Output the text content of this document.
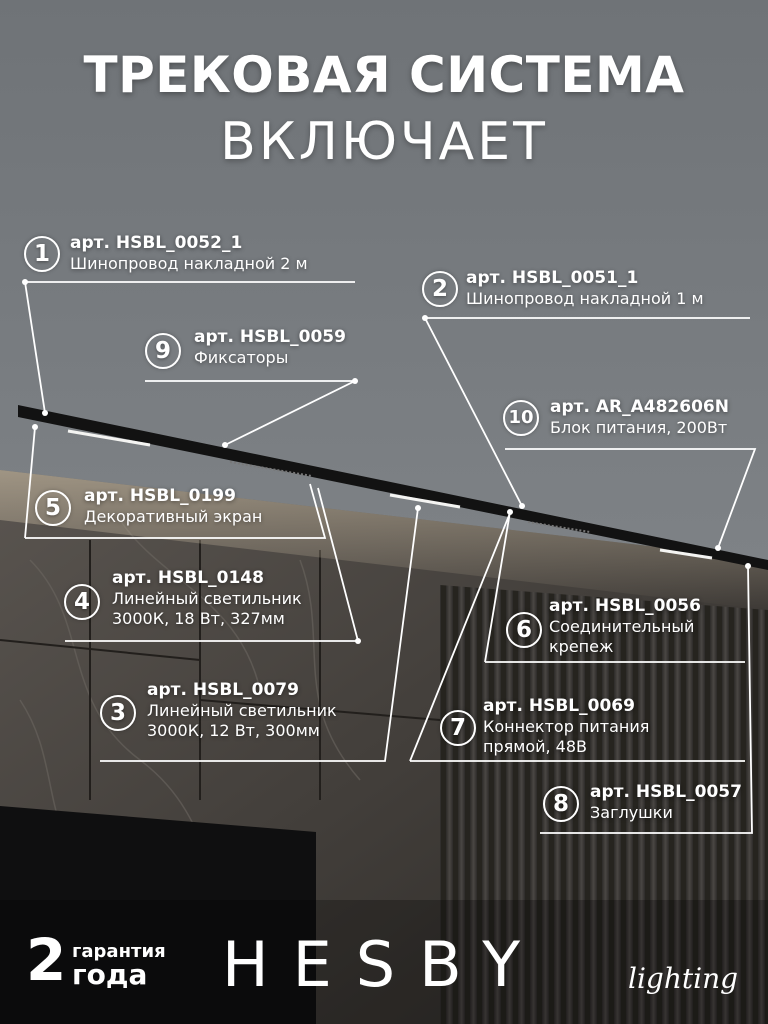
ТРЕКОВАЯ СИСТЕМА
ВКЛЮЧАЕТ
1	арт. HSBL_0052_1
Шинопровод накладной 2 м
2	арт. HSBL_0051_1
Шинопровод накладной 1 м
9
арт. HSBL_0059
Фиксаторы
10 арт. AR_A482606N
Блок питания, 200Вт
5	арт. HSBL_0199
Декоративный экран
4
арт. HSBL_0148
Линейный светильник
3000К, 18 Вт, 327мм	6
арт. HSBL_0056
Соединительный
крепеж
3
арт. HSBL_0079
Линейный светильник
3000К, 12 Вт, 300мм	7
арт. HSBL_0069
Коннектор питания
прямой, 48В
8	арт. HSBL_0057
Заглушки
2 гарантия
года HESBY	lighting
